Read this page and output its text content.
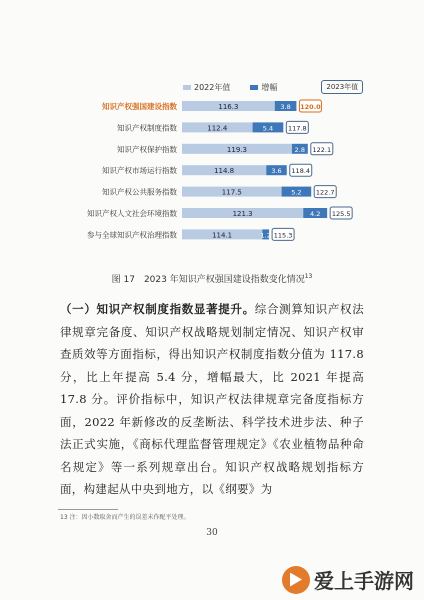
知识产权强国建设指数	116.3	3.8 120.0
知识产权制度指数	112.4	5.4 117.8
知识产权保护指数	119.3	2.8 122.1
知识产权市场运行指数	114.8	3.6 118.4
知识产权公共服务指数	117.5	5.2 122.7
知识产权人文社会环境指数	121.3	4.2 125.5
参与全球知识产权治理指数	114.1	1.2 115.3
2022年值	增幅	2023年值
图 17　2023 年知识产权强国建设指数变化情况$^{13}$
（一）知识产权制度指数显著提升。综合测算知识产权法律规章完备度、知识产权战略规划制定情况、知识产权审查质效等方面指标，得出知识产权制度指数分值为 117.8 分，比上年提高 5.4 分，增幅最大，比 2021 年提高 17.8 分。评价指标中，知识产权法律规章完备度指标方面，2022 年新修改的反垄断法、科学技术进步法、种子法正式实施，《商标代理监督管理规定》《农业植物品种命名规定》等一系列规章出台。知识产权战略规划指标方面，构建起从中央到地方，以《纲要》为
13 注：因小数取舍而产生的误差未作配平处理。
30
爱上手游网
